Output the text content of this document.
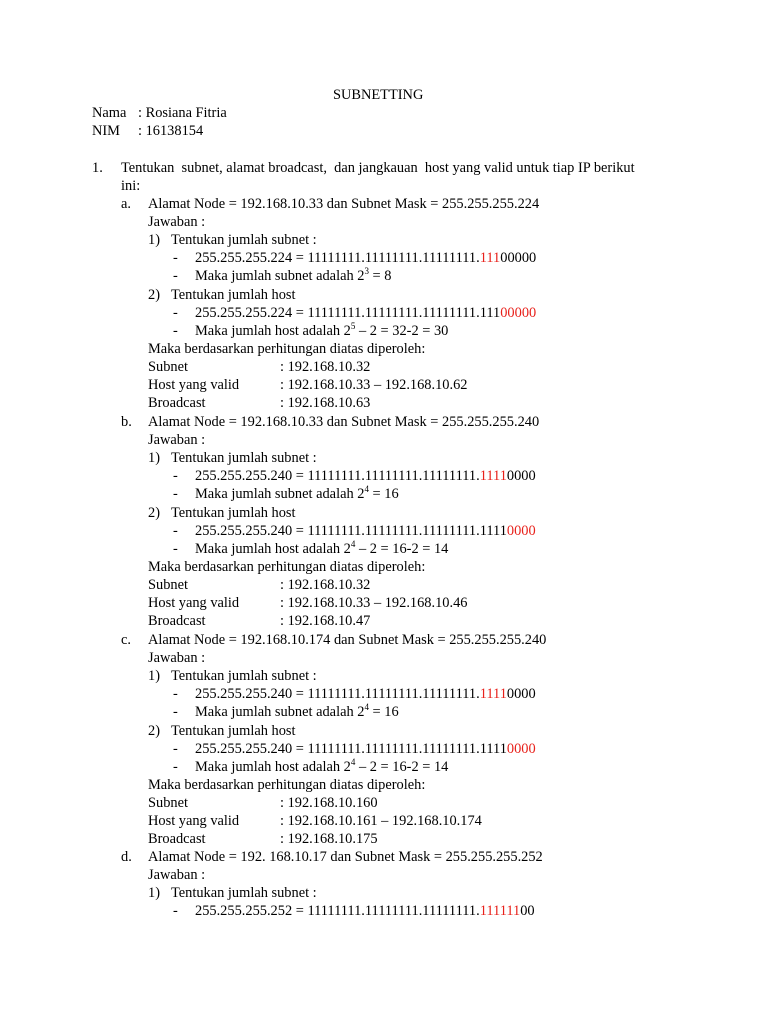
SUBNETTING
Nama : Rosiana Fitria
NIM : 16138154
1. Tentukan  subnet, alamat broadcast,  dan jangkauan  host yang valid untuk tiap IP berikut
ini:
a. Alamat Node = 192.168.10.33 dan Subnet Mask = 255.255.255.224
Jawaban :
1) Tentukan jumlah subnet :
- 255.255.255.224 = 11111111.11111111.11111111.11100000
- Maka jumlah subnet adalah $2^3 = 8$
2) Tentukan jumlah host
- 255.255.255.224 = 11111111.11111111.11111111.11100000
- Maka jumlah host adalah $2^5 - 2 = 32-2 = 30$
Maka berdasarkan perhitungan diatas diperoleh:
Subnet	: 192.168.10.32
Host yang valid	: 192.168.10.33 – 192.168.10.62
Broadcast	: 192.168.10.63
b. Alamat Node = 192.168.10.33 dan Subnet Mask = 255.255.255.240
Jawaban :
1) Tentukan jumlah subnet :
- 255.255.255.240 = 11111111.11111111.11111111.11110000
- Maka jumlah subnet adalah $2^4 = 16$
2) Tentukan jumlah host
- 255.255.255.240 = 11111111.11111111.11111111.11110000
- Maka jumlah host adalah $2^4 - 2 = 16-2 = 14$
Maka berdasarkan perhitungan diatas diperoleh:
Subnet	: 192.168.10.32
Host yang valid	: 192.168.10.33 – 192.168.10.46
Broadcast	: 192.168.10.47
c. Alamat Node = 192.168.10.174 dan Subnet Mask = 255.255.255.240
Jawaban :
1) Tentukan jumlah subnet :
- 255.255.255.240 = 11111111.11111111.11111111.11110000
- Maka jumlah subnet adalah $2^4 = 16$
2) Tentukan jumlah host
- 255.255.255.240 = 11111111.11111111.11111111.11110000
- Maka jumlah host adalah $2^4 - 2 = 16-2 = 14$
Maka berdasarkan perhitungan diatas diperoleh:
Subnet	: 192.168.10.160
Host yang valid	: 192.168.10.161 – 192.168.10.174
Broadcast	: 192.168.10.175
d. Alamat Node = 192. 168.10.17 dan Subnet Mask = 255.255.255.252
Jawaban :
1) Tentukan jumlah subnet :
- 255.255.255.252 = 11111111.11111111.11111111.11111100
